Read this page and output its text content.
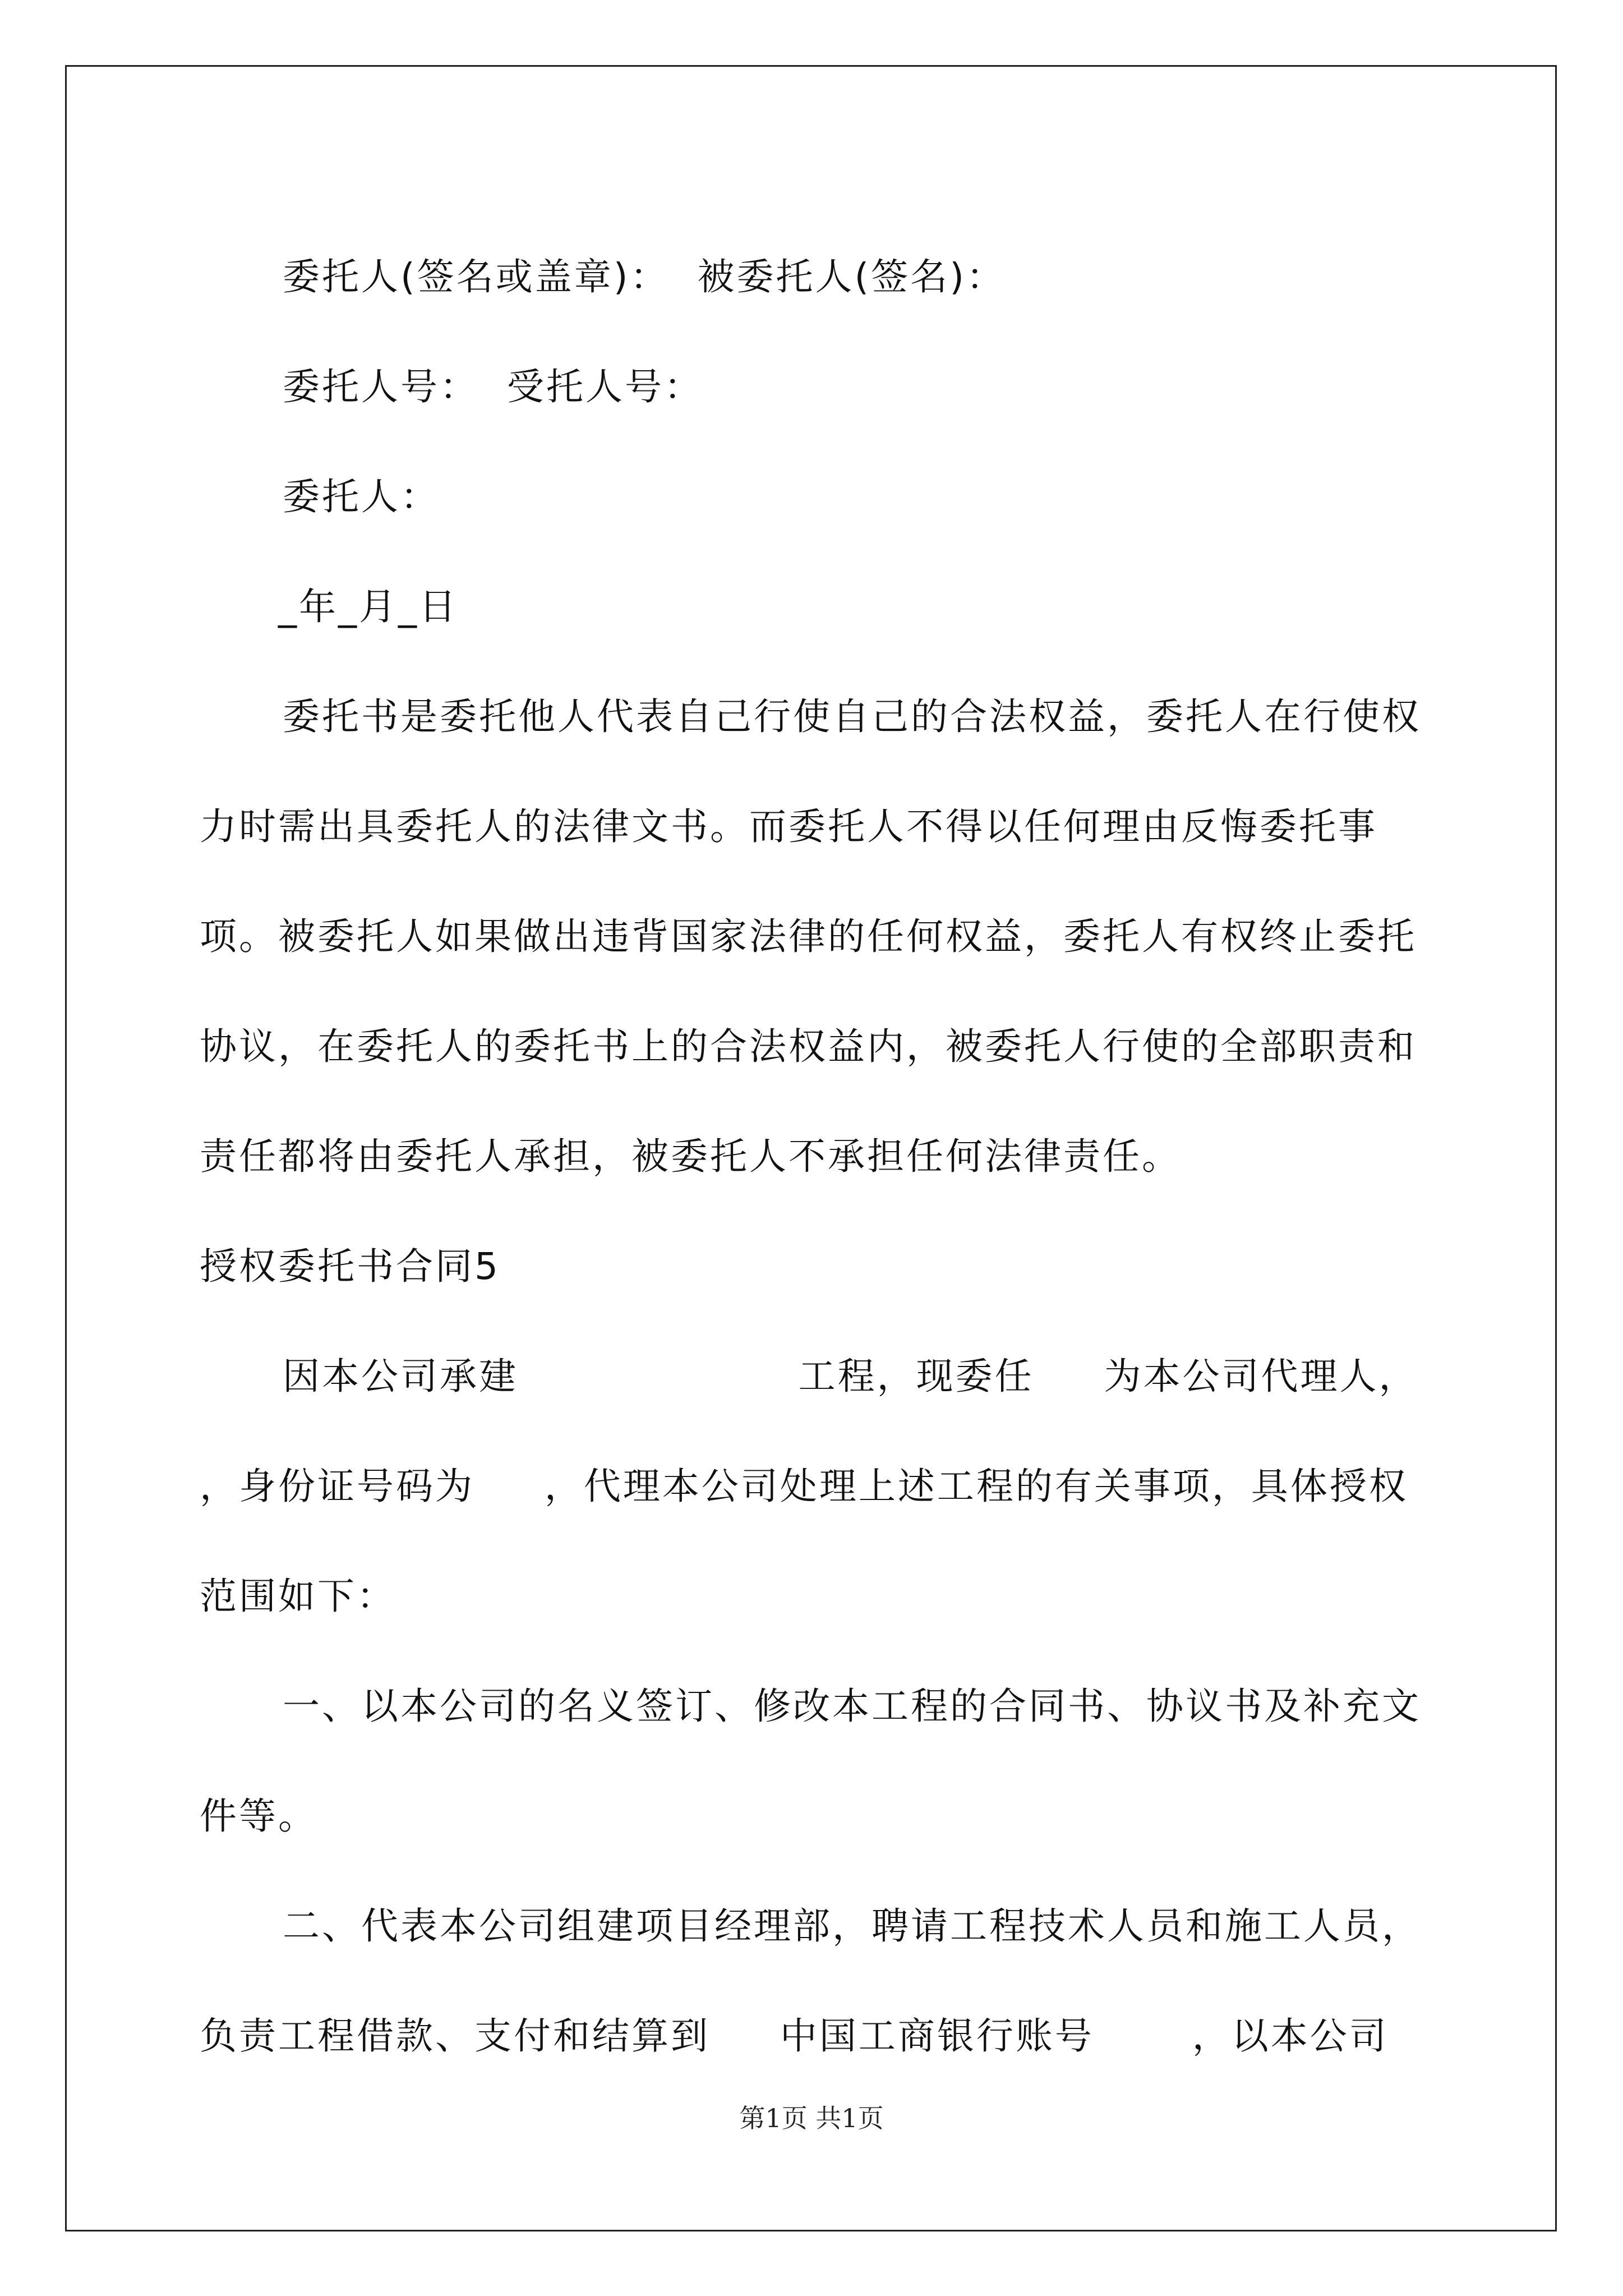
委托人(签名或盖章)：  被委托人(签名)：

委托人号：  受托人号：

委托人：

_年_月_日

委托书是委托他人代表自己行使自己的合法权益，委托人在行使权力时需出具委托人的法律文书。而委托人不得以任何理由反悔委托事项。被委托人如果做出违背国家法律的任何权益，委托人有权终止委托协议，在委托人的委托书上的合法权益内，被委托人行使的全部职责和责任都将由委托人承担，被委托人不承担任何法律责任。

授权委托书合同5

因本公司承建                    工程，现委任     为本公司代理人，   ，身份证号码为     ，代理本公司处理上述工程的有关事项，具体授权范围如下：

一、以本公司的名义签订、修改本工程的合同书、协议书及补充文件等。

二、代表本公司组建项目经理部，聘请工程技术人员和施工人员，负责工程借款、支付和结算到     中国工商银行账号       ，以本公司

第1页 共1页
